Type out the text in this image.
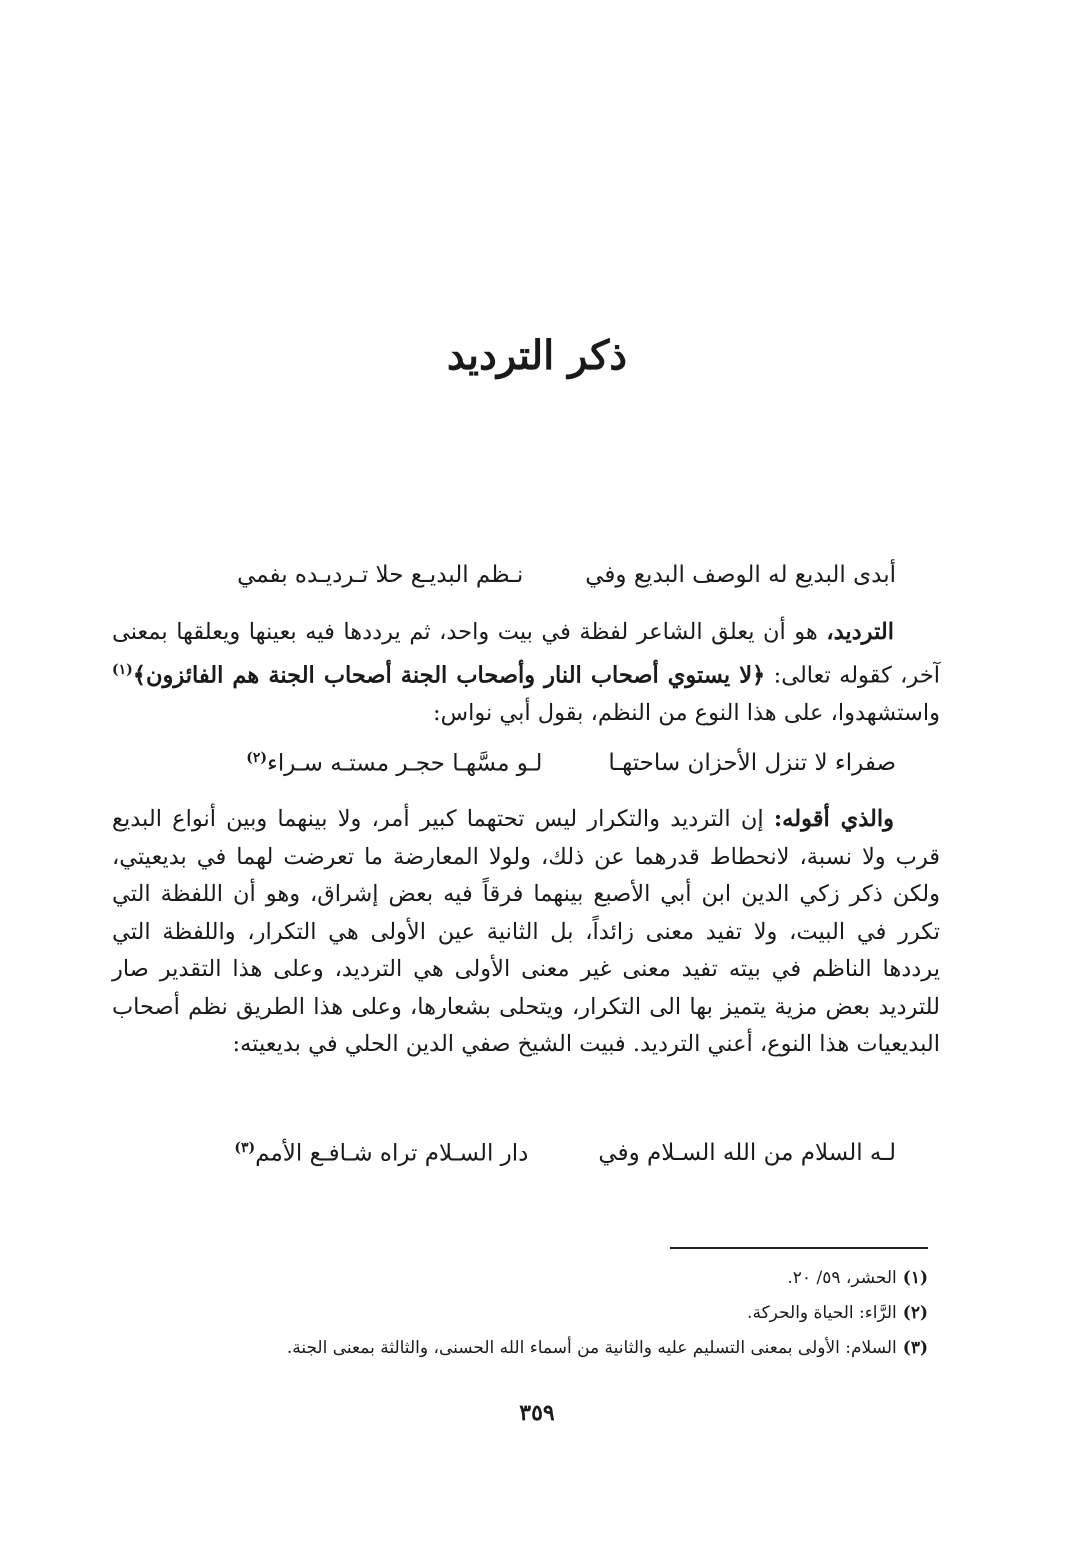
ذكر الترديد
أبدى البديع له الوصف البديع وفي
نـظم البديـع حلا تـرديـده بفمي

الترديد، هو أن يعلق الشاعر لفظة في بيت واحد، ثم يرددها فيه بعينها ويعلقها بمعنى آخر، كقوله تعالى: ﴿لا يستوي أصحاب النار وأصحاب الجنة أصحاب الجنة هم الفائزون﴾$^{(١)}$ واستشهدوا، على هذا النوع من النظم، بقول أبي نواس:

صفراء لا تنزل الأحزان ساحتهـا
لـو مسَّهـا حجـر مستـه سـراء$^{(٢)}$

والذي أقوله: إن الترديد والتكرار ليس تحتهما كبير أمر، ولا بينهما وبين أنواع البديع قرب ولا نسبة، لانحطاط قدرهما عن ذلك، ولولا المعارضة ما تعرضت لهما في بديعيتي، ولكن ذكر زكي الدين ابن أبي الأصبع بينهما فرقاً فيه بعض إشراق، وهو أن اللفظة التي تكرر في البيت، ولا تفيد معنى زائداً، بل الثانية عين الأولى هي التكرار، واللفظة التي يرددها الناظم في بيته تفيد معنى غير معنى الأولى هي الترديد، وعلى هذا التقدير صار للترديد بعض مزية يتميز بها الى التكرار، ويتحلى بشعارها، وعلى هذا الطريق نظم أصحاب البديعيات هذا النوع، أعني الترديد. فبيت الشيخ صفي الدين الحلي في بديعيته:

لـه السلام من الله السـلام وفي
دار السـلام تراه شـافـع الأمم$^{(٣)}$
(١)الحشر، ٥٩/ ٢٠.
(٢)الرَّاء: الحياة والحركة.
(٣)السلام: الأولى بمعنى التسليم عليه والثانية من أسماء الله الحسنى، والثالثة بمعنى الجنة.
٣٥٩
